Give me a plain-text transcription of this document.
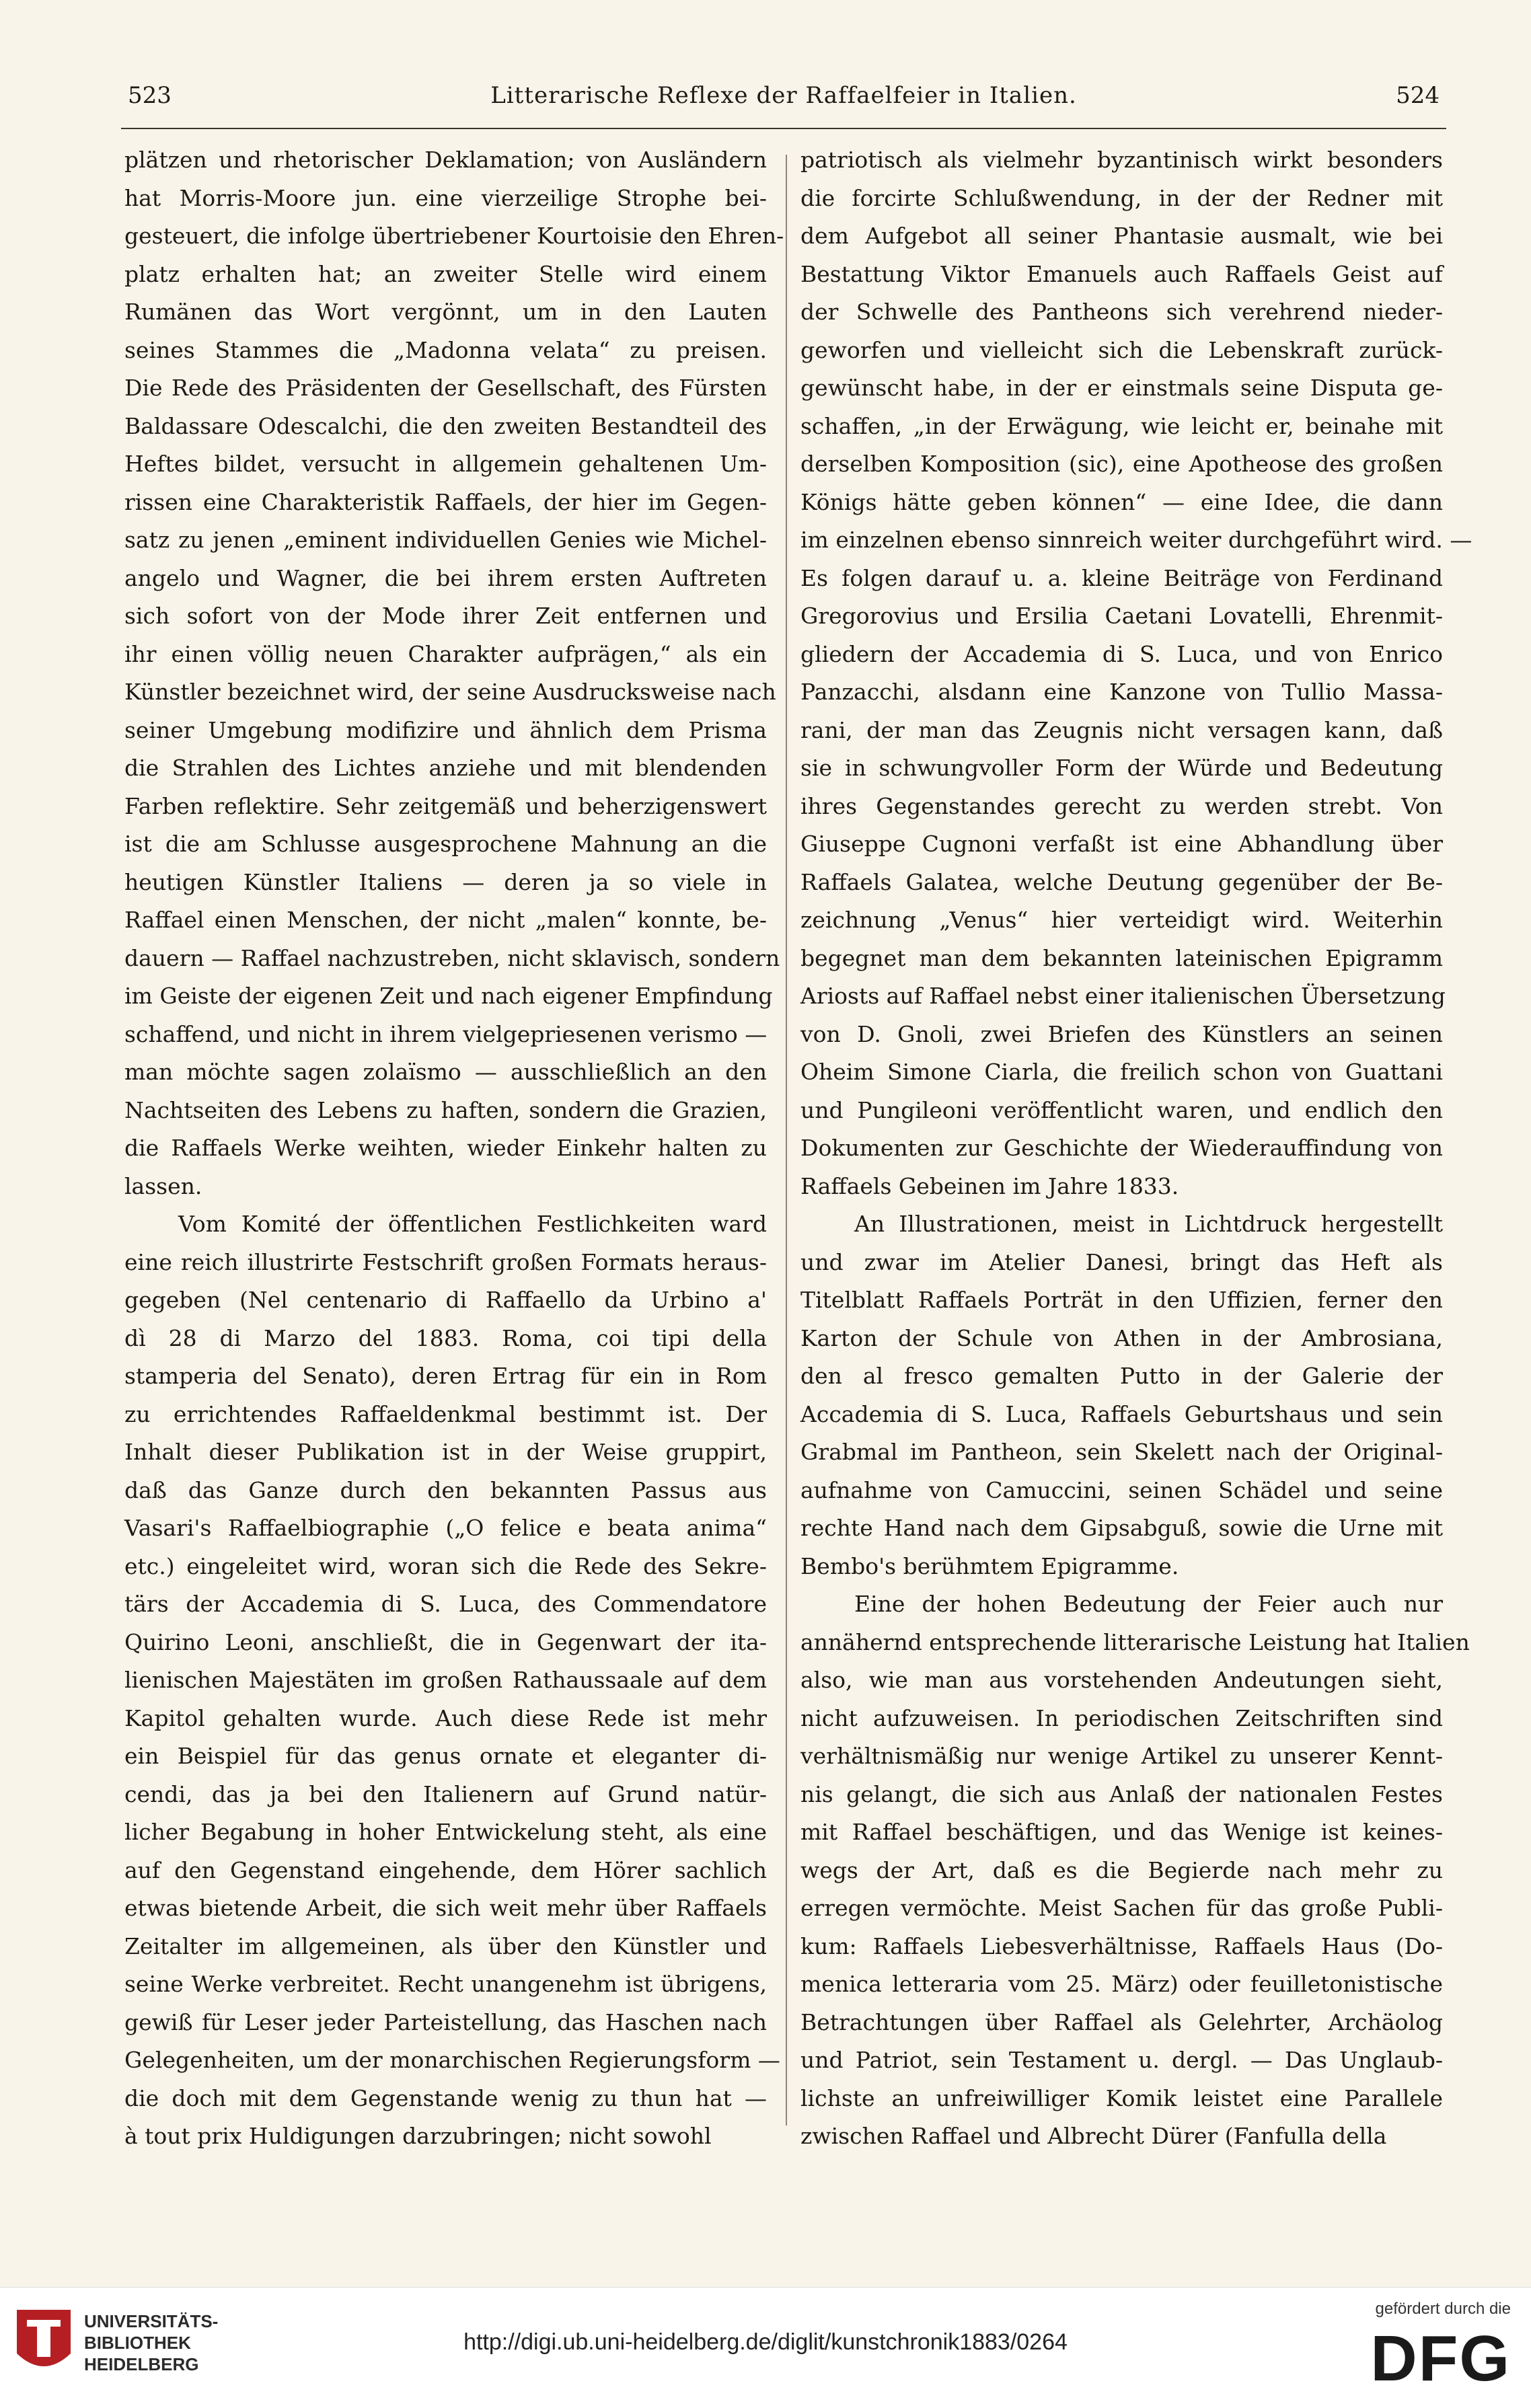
523	Litterarische Reflexe der Raffaelfeier in Italien.	524
plätzen und rhetorischer Deklamation; von Ausländern
hat Morris-Moore jun. eine vierzeilige Strophe bei-
gesteuert, die infolge übertriebener Kourtoisie den Ehren-
platz erhalten hat; an zweiter Stelle wird einem
Rumänen das Wort vergönnt, um in den Lauten
seines Stammes die „Madonna velata“ zu preisen.
Die Rede des Präsidenten der Gesellschaft, des Fürsten
Baldassare Odescalchi, die den zweiten Bestandteil des
Heftes bildet, versucht in allgemein gehaltenen Um-
rissen eine Charakteristik Raffaels, der hier im Gegen-
satz zu jenen „eminent individuellen Genies wie Michel-
angelo und Wagner, die bei ihrem ersten Auftreten
sich sofort von der Mode ihrer Zeit entfernen und
ihr einen völlig neuen Charakter aufprägen,“ als ein
Künstler bezeichnet wird, der seine Ausdrucksweise nach
seiner Umgebung modifizire und ähnlich dem Prisma
die Strahlen des Lichtes anziehe und mit blendenden
Farben reflektire. Sehr zeitgemäß und beherzigenswert
ist die am Schlusse ausgesprochene Mahnung an die
heutigen Künstler Italiens — deren ja so viele in
Raffael einen Menschen, der nicht „malen“ konnte, be-
dauern — Raffael nachzustreben, nicht sklavisch, sondern
im Geiste der eigenen Zeit und nach eigener Empfindung
schaffend, und nicht in ihrem vielgepriesenen verismo —
man möchte sagen zolaïsmo — ausschließlich an den
Nachtseiten des Lebens zu haften, sondern die Grazien,
die Raffaels Werke weihten, wieder Einkehr halten zu
lassen.
Vom Komité der öffentlichen Festlichkeiten ward
eine reich illustrirte Festschrift großen Formats heraus-
gegeben (Nel centenario di Raffaello da Urbino a'
dì 28 di Marzo del 1883. Roma, coi tipi della
stamperia del Senato), deren Ertrag für ein in Rom
zu errichtendes Raffaeldenkmal bestimmt ist. Der
Inhalt dieser Publikation ist in der Weise gruppirt,
daß das Ganze durch den bekannten Passus aus
Vasari's Raffaelbiographie („O felice e beata anima“
etc.) eingeleitet wird, woran sich die Rede des Sekre-
tärs der Accademia di S. Luca, des Commendatore
Quirino Leoni, anschließt, die in Gegenwart der ita-
lienischen Majestäten im großen Rathaussaale auf dem
Kapitol gehalten wurde. Auch diese Rede ist mehr
ein Beispiel für das genus ornate et eleganter di-
cendi, das ja bei den Italienern auf Grund natür-
licher Begabung in hoher Entwickelung steht, als eine
auf den Gegenstand eingehende, dem Hörer sachlich
etwas bietende Arbeit, die sich weit mehr über Raffaels
Zeitalter im allgemeinen, als über den Künstler und
seine Werke verbreitet. Recht unangenehm ist übrigens,
gewiß für Leser jeder Parteistellung, das Haschen nach
Gelegenheiten, um der monarchischen Regierungsform —
die doch mit dem Gegenstande wenig zu thun hat —
à tout prix Huldigungen darzubringen; nicht sowohl
patriotisch als vielmehr byzantinisch wirkt besonders
die forcirte Schlußwendung, in der der Redner mit
dem Aufgebot all seiner Phantasie ausmalt, wie bei
Bestattung Viktor Emanuels auch Raffaels Geist auf
der Schwelle des Pantheons sich verehrend nieder-
geworfen und vielleicht sich die Lebenskraft zurück-
gewünscht habe, in der er einstmals seine Disputa ge-
schaffen, „in der Erwägung, wie leicht er, beinahe mit
derselben Komposition (sic), eine Apotheose des großen
Königs hätte geben können“ — eine Idee, die dann
im einzelnen ebenso sinnreich weiter durchgeführt wird. —
Es folgen darauf u. a. kleine Beiträge von Ferdinand
Gregorovius und Ersilia Caetani Lovatelli, Ehrenmit-
gliedern der Accademia di S. Luca, und von Enrico
Panzacchi, alsdann eine Kanzone von Tullio Massa-
rani, der man das Zeugnis nicht versagen kann, daß
sie in schwungvoller Form der Würde und Bedeutung
ihres Gegenstandes gerecht zu werden strebt. Von
Giuseppe Cugnoni verfaßt ist eine Abhandlung über
Raffaels Galatea, welche Deutung gegenüber der Be-
zeichnung „Venus“ hier verteidigt wird. Weiterhin
begegnet man dem bekannten lateinischen Epigramm
Ariosts auf Raffael nebst einer italienischen Übersetzung
von D. Gnoli, zwei Briefen des Künstlers an seinen
Oheim Simone Ciarla, die freilich schon von Guattani
und Pungileoni veröffentlicht waren, und endlich den
Dokumenten zur Geschichte der Wiederauffindung von
Raffaels Gebeinen im Jahre 1833.
An Illustrationen, meist in Lichtdruck hergestellt
und zwar im Atelier Danesi, bringt das Heft als
Titelblatt Raffaels Porträt in den Uffizien, ferner den
Karton der Schule von Athen in der Ambrosiana,
den al fresco gemalten Putto in der Galerie der
Accademia di S. Luca, Raffaels Geburtshaus und sein
Grabmal im Pantheon, sein Skelett nach der Original-
aufnahme von Camuccini, seinen Schädel und seine
rechte Hand nach dem Gipsabguß, sowie die Urne mit
Bembo's berühmtem Epigramme.
Eine der hohen Bedeutung der Feier auch nur
annähernd entsprechende litterarische Leistung hat Italien
also, wie man aus vorstehenden Andeutungen sieht,
nicht aufzuweisen. In periodischen Zeitschriften sind
verhältnismäßig nur wenige Artikel zu unserer Kennt-
nis gelangt, die sich aus Anlaß der nationalen Festes
mit Raffael beschäftigen, und das Wenige ist keines-
wegs der Art, daß es die Begierde nach mehr zu
erregen vermöchte. Meist Sachen für das große Publi-
kum: Raffaels Liebesverhältnisse, Raffaels Haus (Do-
menica letteraria vom 25. März) oder feuilletonistische
Betrachtungen über Raffael als Gelehrter, Archäolog
und Patriot, sein Testament u. dergl. — Das Unglaub-
lichste an unfreiwilliger Komik leistet eine Parallele
zwischen Raffael und Albrecht Dürer (Fanfulla della
UNIVERSITÄTS-
BIBLIOTHEK
HEIDELBERG
http://digi.ub.uni-heidelberg.de/diglit/kunstchronik1883/0264
gefördert durch die
DFG
